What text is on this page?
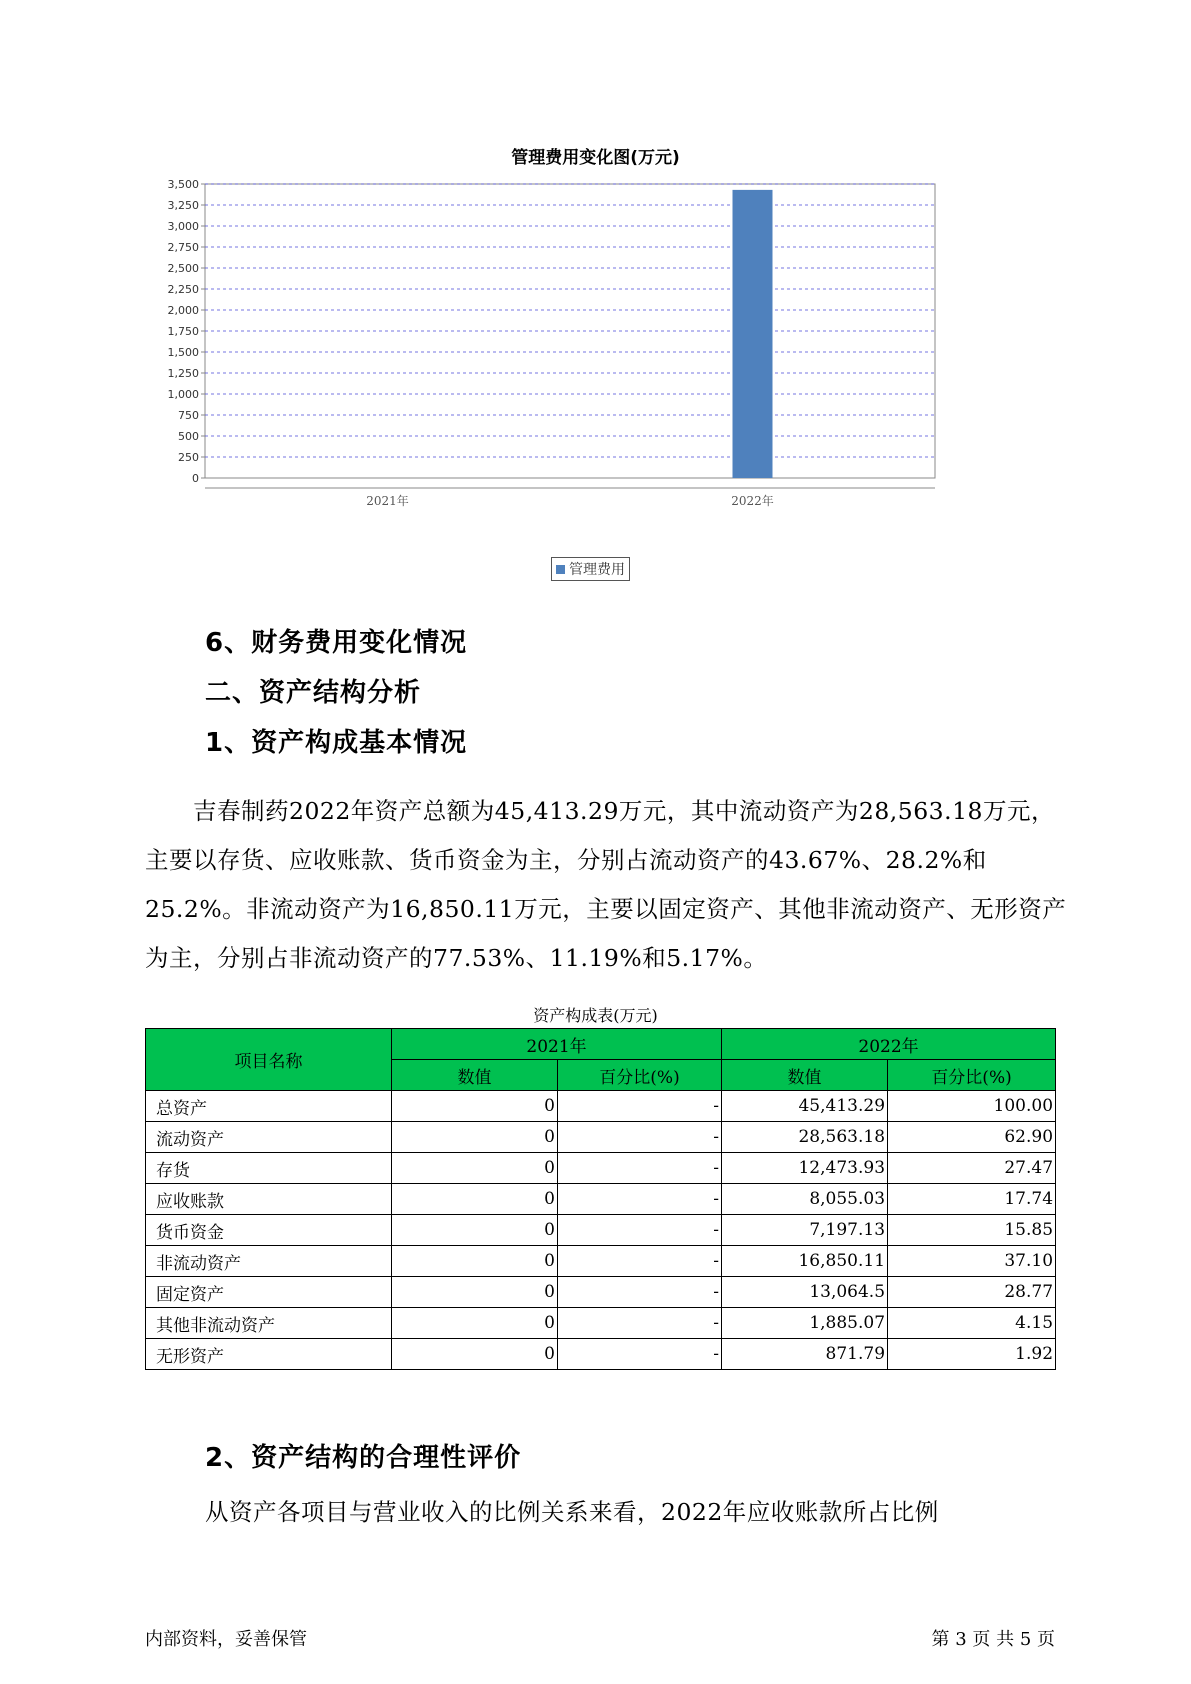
管理费用变化图(万元)
0
250
500
750
1,000
1,250
1,500
1,750
2,000
2,250
2,500
2,750
3,000
3,250
3,500
2021年	2022年
管理费用
6、财务费用变化情况
二、资产结构分析
1、资产构成基本情况
吉春制药2022年资产总额为45,413.29万元，其中流动资产为28,563.18万元，主要以存货、应收账款、货币资金为主，分别占流动资产的43.67%、28.2%和25.2%。非流动资产为16,850.11万元，主要以固定资产、其他非流动资产、无形资产为主，分别占非流动资产的77.53%、11.19%和5.17%。
资产构成表(万元)
项目名称	2021年		2022年	
	数值	百分比(%)	数值	百分比(%)
总资产	0	-	45,413.29	100.00
流动资产	0	-	28,563.18	62.90
存货	0	-	12,473.93	27.47
应收账款	0	-	8,055.03	17.74
货币资金	0	-	7,197.13	15.85
非流动资产	0	-	16,850.11	37.10
固定资产	0	-	13,064.5	28.77
其他非流动资产	0	-	1,885.07	4.15
无形资产	0	-	871.79	1.92
2、资产结构的合理性评价
从资产各项目与营业收入的比例关系来看，2022年应收账款所占比例
内部资料，妥善保管	第 3 页 共 5 页
